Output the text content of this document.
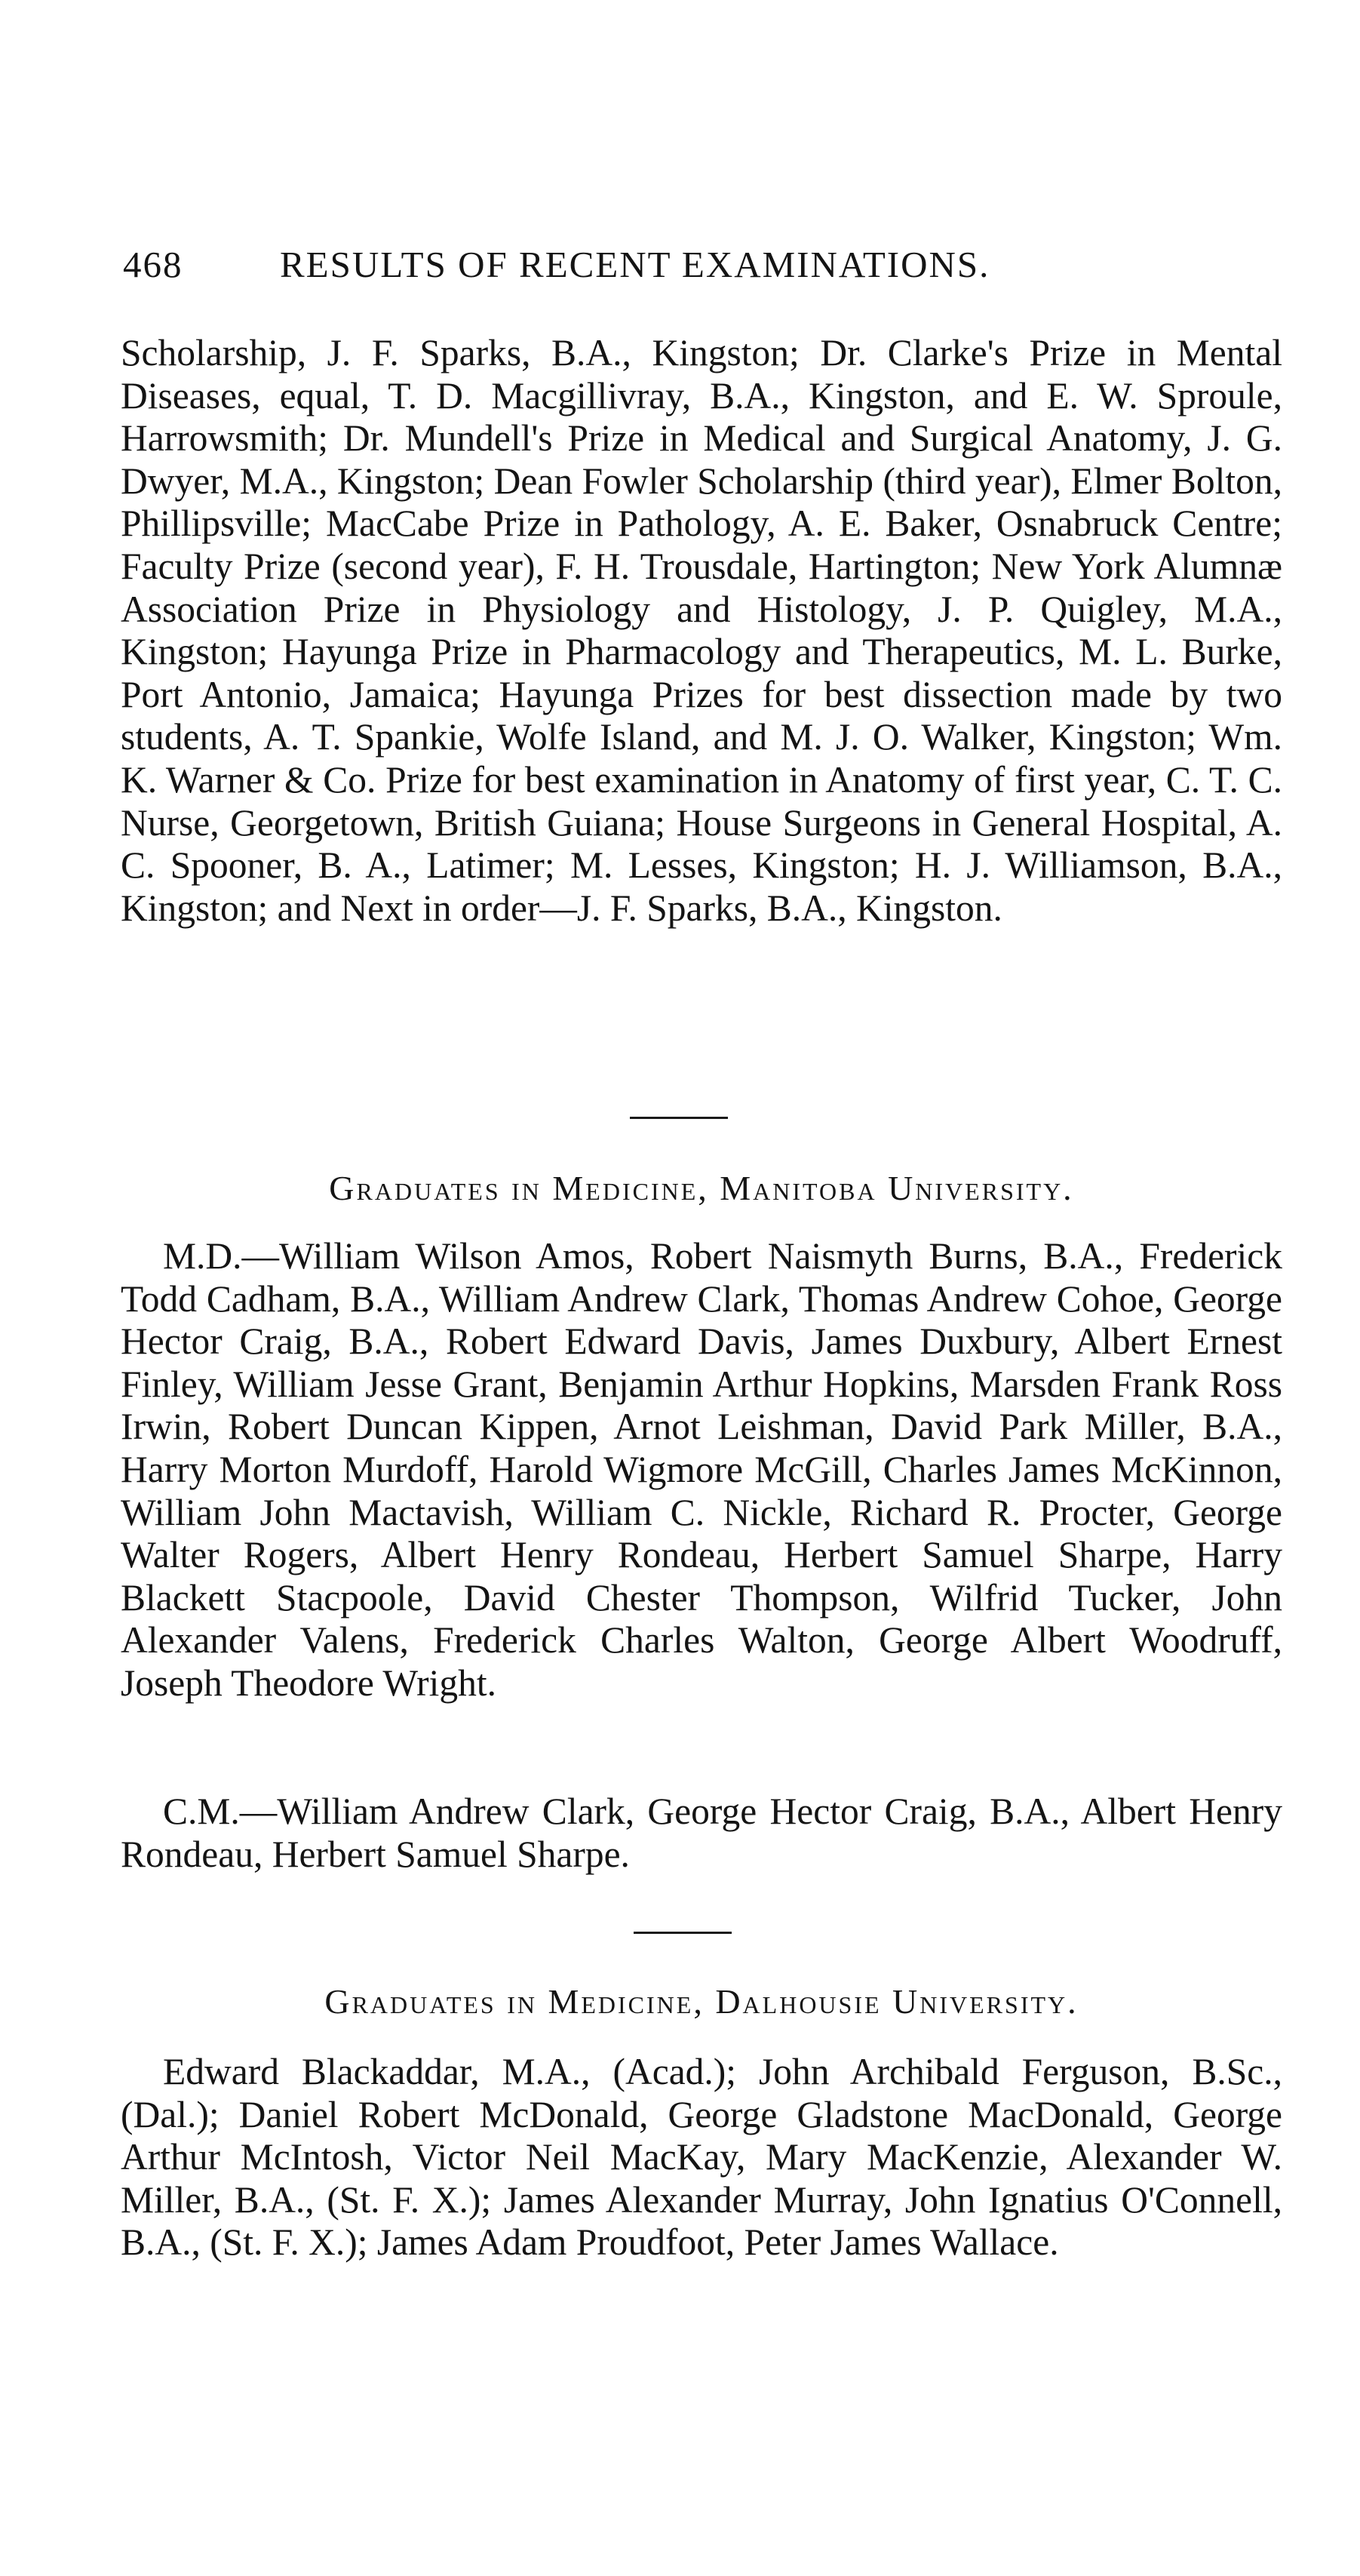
468	RESULTS OF RECENT EXAMINATIONS.

Scholarship, J. F. Sparks, B.A., Kingston; Dr. Clarke's Prize in Mental Diseases, equal, T. D. Macgillivray, B.A., Kingston, and E. W. Sproule, Harrowsmith; Dr. Mundell's Prize in Medical and Surgical Anatomy, J. G. Dwyer, M.A., Kingston; Dean Fowler Scholarship (third year), Elmer Bolton, Phillipsville; MacCabe Prize in Pathology, A. E. Baker, Osnabruck Centre; Faculty Prize (second year), F. H. Trousdale, Hartington; New York Alumnæ Association Prize in Physiology and Histology, J. P. Quigley, M.A., Kingston; Hayunga Prize in Pharmacology and Therapeutics, M. L. Burke, Port Antonio, Jamaica; Hayunga Prizes for best dissection made by two students, A. T. Spankie, Wolfe Island, and M. J. O. Walker, Kingston; Wm. K. Warner & Co. Prize for best examination in Anatomy of first year, C. T. C. Nurse, Georgetown, British Guiana; House Surgeons in General Hospital, A. C. Spooner, B. A., Latimer; M. Lesses, Kingston; H. J. Williamson, B.A., Kingston; and Next in order—J. F. Sparks, B.A., Kingston.

Graduates in Medicine, Manitoba University.

M.D.—William Wilson Amos, Robert Naismyth Burns, B.A., Frederick Todd Cadham, B.A., William Andrew Clark, Thomas Andrew Cohoe, George Hector Craig, B.A., Robert Edward Davis, James Duxbury, Albert Ernest Finley, William Jesse Grant, Benjamin Arthur Hopkins, Marsden Frank Ross Irwin, Robert Duncan Kippen, Arnot Leishman, David Park Miller, B.A., Harry Morton Murdoff, Harold Wigmore McGill, Charles James McKinnon, William John Mactavish, William C. Nickle, Richard R. Procter, George Walter Rogers, Albert Henry Rondeau, Herbert Samuel Sharpe, Harry Blackett Stacpoole, David Chester Thompson, Wilfrid Tucker, John Alexander Valens, Frederick Charles Walton, George Albert Woodruff, Joseph Theodore Wright.

C.M.—William Andrew Clark, George Hector Craig, B.A., Albert Henry Rondeau, Herbert Samuel Sharpe.

Graduates in Medicine, Dalhousie University.

Edward Blackaddar, M.A., (Acad.); John Archibald Ferguson, B.Sc., (Dal.); Daniel Robert McDonald, George Gladstone MacDonald, George Arthur McIntosh, Victor Neil MacKay, Mary MacKenzie, Alexander W. Miller, B.A., (St. F. X.); James Alexander Murray, John Ignatius O'Connell, B.A., (St. F. X.); James Adam Proudfoot, Peter James Wallace.
